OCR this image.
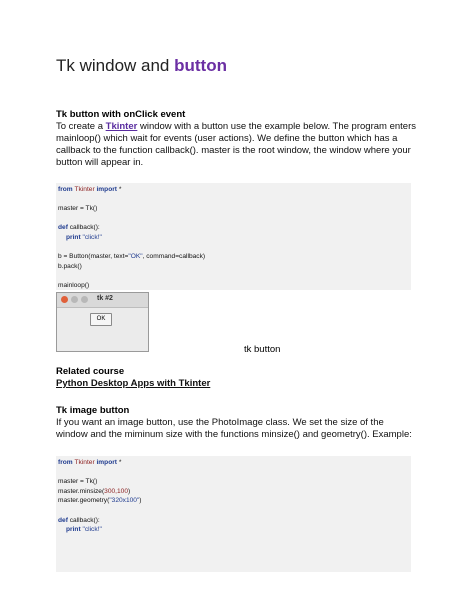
Tk window and button
Tk button with onClick event
To create a Tkinter window with a button use the example below. The program enters mainloop() which wait for events (user actions). We define the button which has a callback to the function callback(). master is the root window, the window where your button will appear in.
from Tkinter import *
master = Tk()
def callback():
print "click!"
b = Button(master, text="OK", command=callback)
b.pack()
mainloop()
tk #2
OK
tk button
Related course
Python Desktop Apps with Tkinter
Tk image button
If you want an image button, use the PhotoImage class. We set the size of the window and the miminum size with the functions minsize() and geometry(). Example:
from Tkinter import *
master = Tk()
master.minsize(300,100)
master.geometry("320x100")
def callback():
print "click!"
